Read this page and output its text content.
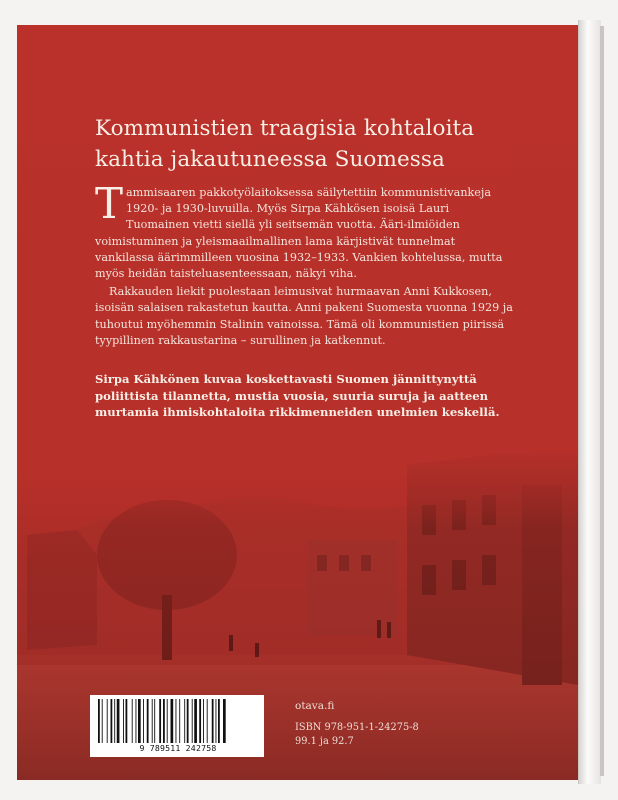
Kommunistien traagisia kohtaloita
kahtia jakautuneessa Suomessa

Tammisaaren pakkotyölaitoksessa säilytettiin kommunistivankeja 1920- ja 1930-luvuilla. Myös Sirpa Kähkösen isoisä Lauri Tuomainen vietti siellä yli seitsemän vuotta. Ääri-ilmiöiden voimistuminen ja yleismaailmallinen lama kärjistivät tunnelmat vankilassa äärimmilleen vuosina 1932–1933. Vankien kohtelussa, mutta myös heidän taisteluasenteessaan, näkyi viha.

Rakkauden liekit puolestaan leimusivat hurmaavan Anni Kukkosen, isoisän salaisen rakastetun kautta. Anni pakeni Suomesta vuonna 1929 ja tuhoutui myöhemmin Stalinin vainoissa. Tämä oli kommunistien piirissä tyypillinen rakkaustarina – surullinen ja katkennut.

Sirpa Kähkönen kuvaa koskettavasti Suomen jännittynyttä poliittista tilannetta, mustia vuosia, suuria suruja ja aatteen murtamia ihmiskohtaloita rikkimenneiden unelmien keskellä.
otava.fi
ISBN 978-951-1-24275-8
99.1 ja 92.7
9 789511 242758
